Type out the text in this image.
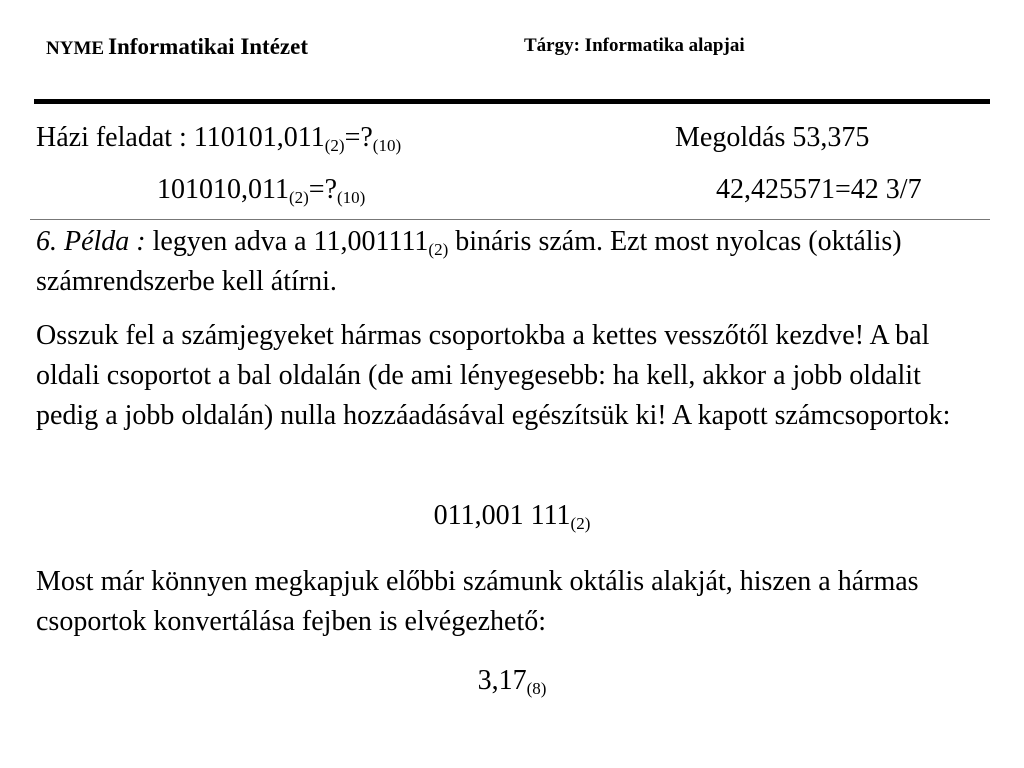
NYME Informatikai Intézet	Tárgy: Informatika alapjai
Házi feladat : $110101,011_{(2)}=?_{(10)}$	Megoldás 53,375
$101010,011_{(2)}=?_{(10)}$	42,425571=42 3/7
6. Példa : legyen adva a $11,001111_{(2)}$ bináris szám. Ezt most nyolcas (oktális) számrendszerbe kell átírni.
Osszuk fel a számjegyeket hármas csoportokba a kettes vesszőtől kezdve! A bal oldali csoportot a bal oldalán (de ami lényegesebb: ha kell, akkor a jobb oldalit pedig a jobb oldalán) nulla hozzáadásával egészítsük ki! A kapott számcsoportok:
011,001 $111_{(2)}$
Most már könnyen megkapjuk előbbi számunk oktális alakját, hiszen a hármas csoportok konvertálása fejben is elvégezhető:
$3,17_{(8)}$
